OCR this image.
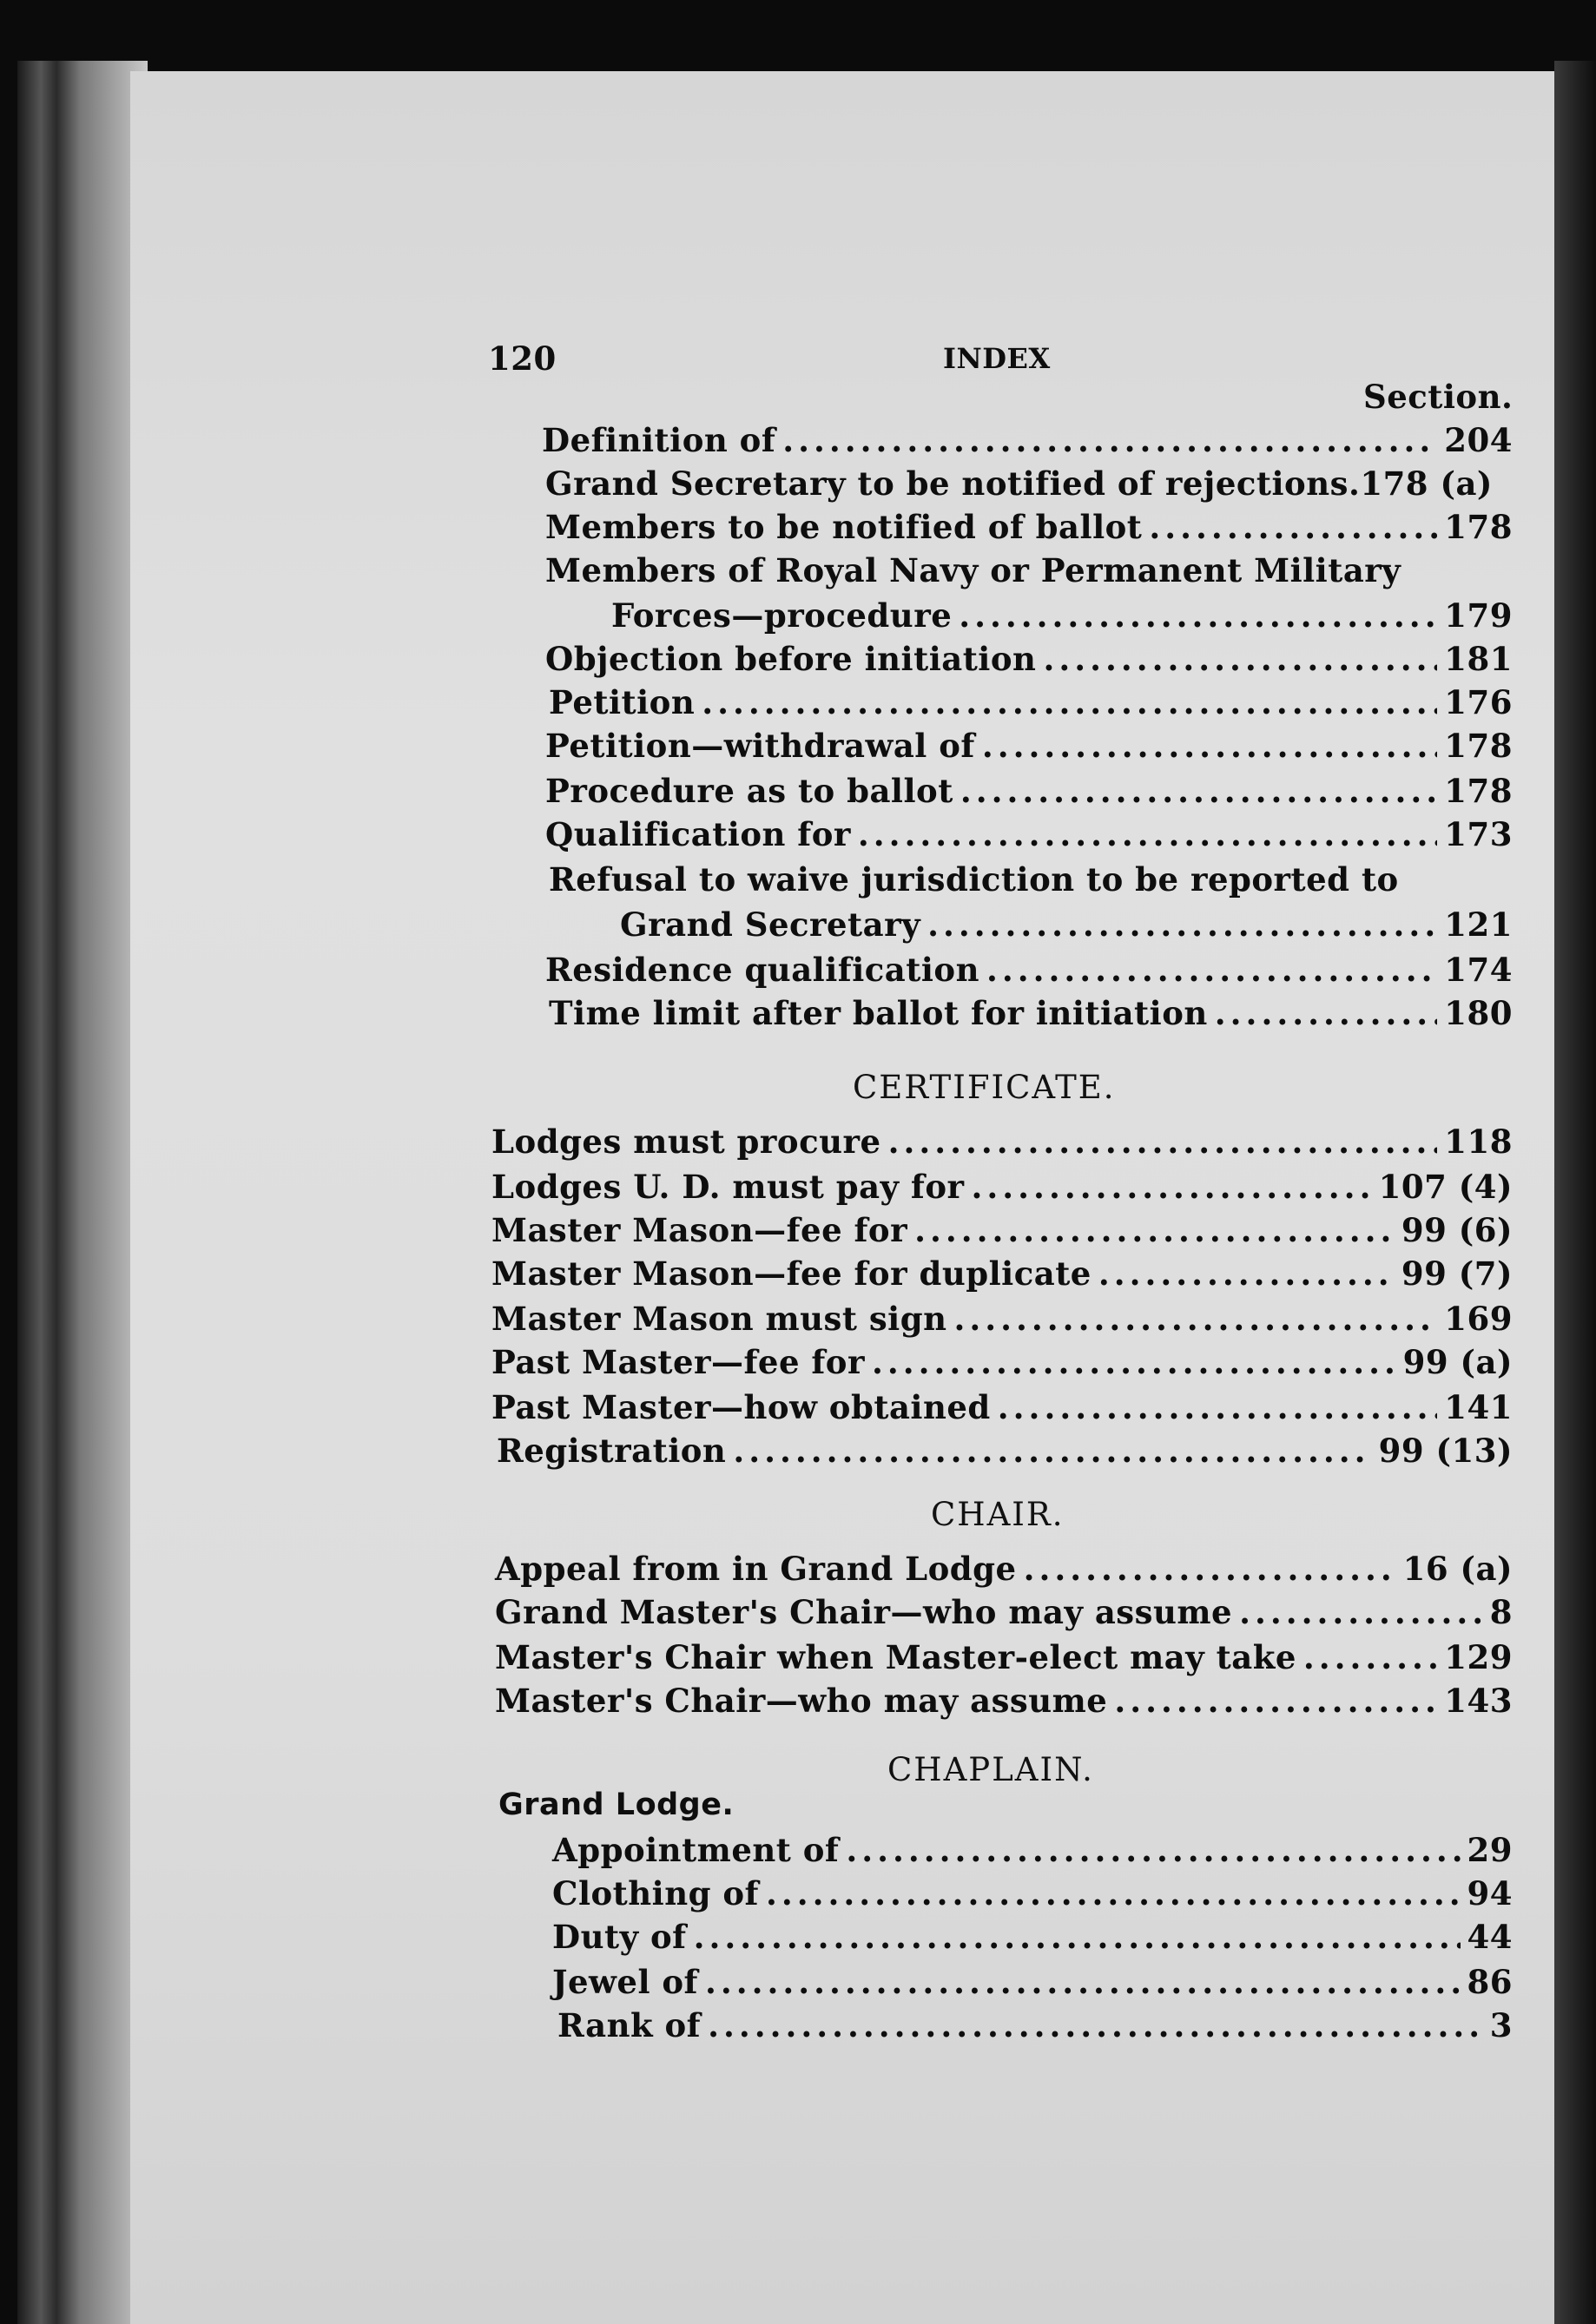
120	INDEX
Section.
Definition of .....	204
Grand Secretary to be notified of rejections.178 (a)
Members to be notified of ballot .....	178
Members of Royal Navy or Permanent Military
Forces—procedure .....	179
Objection before initiation .....	181
Petition .....	176
Petition—withdrawal of .....	178
Procedure as to ballot .....	178
Qualification for .....	173
Refusal to waive jurisdiction to be reported to
Grand Secretary .....	121
Residence qualification .....	174
Time limit after ballot for initiation .....	180
CERTIFICATE.
Lodges must procure .....	118
Lodges U. D. must pay for .....	107 (4)
Master Mason—fee for .....	99 (6)
Master Mason—fee for duplicate .....	99 (7)
Master Mason must sign .....	169
Past Master—fee for .....	99 (a)
Past Master—how obtained .....	141
Registration .....	99 (13)
CHAIR.
Appeal from in Grand Lodge .....	16 (a)
Grand Master's Chair—who may assume .....	8
Master's Chair when Master-elect may take .....	129
Master's Chair—who may assume .....	143
CHAPLAIN.
Grand Lodge.
Appointment of .....	29
Clothing of .....	94
Duty of .....	44
Jewel of .....	86
Rank of .....	3
